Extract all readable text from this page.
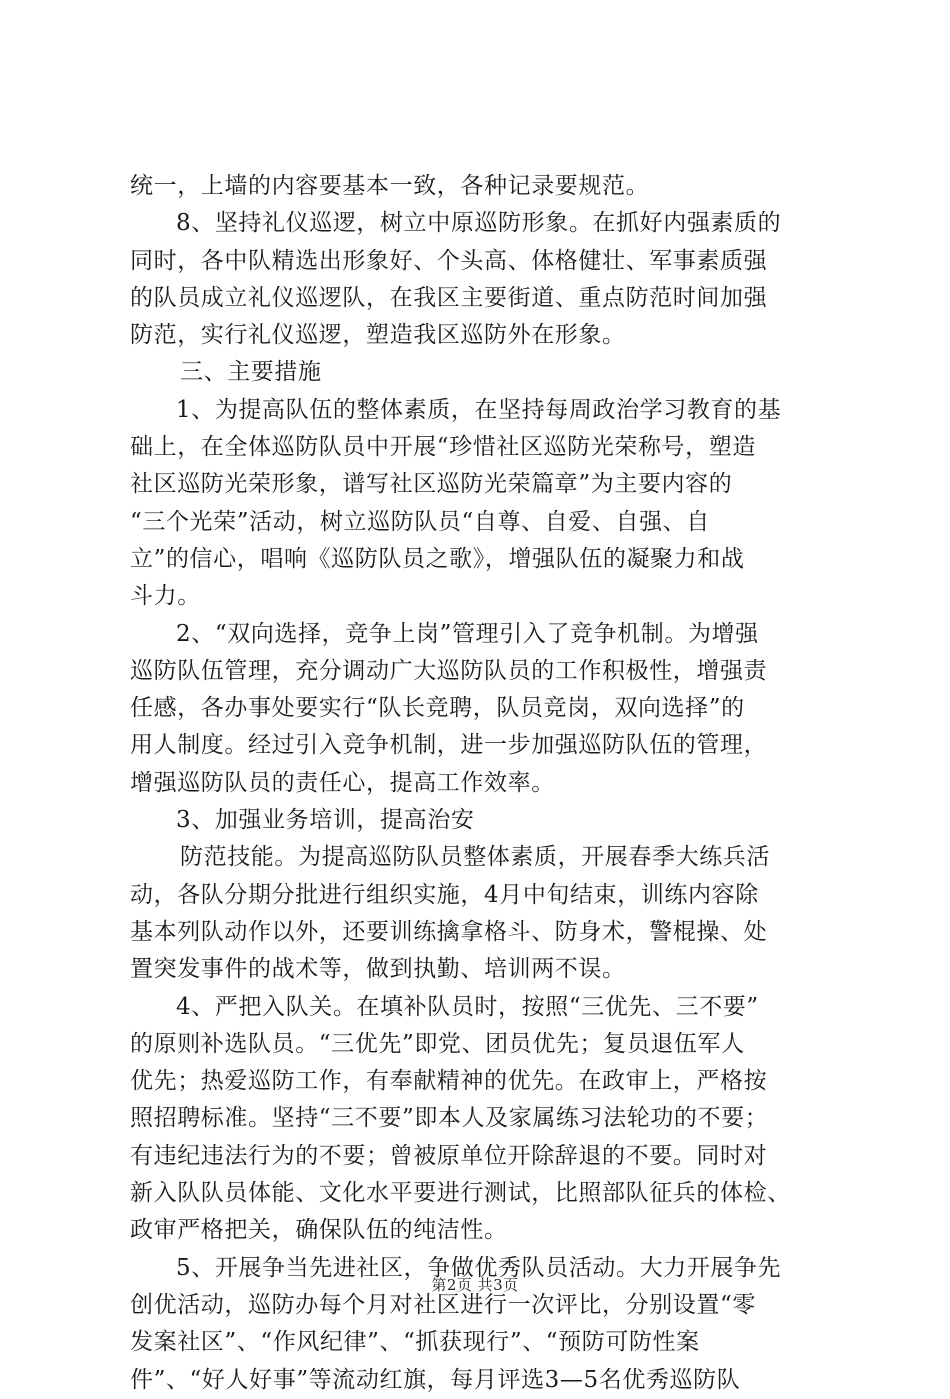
统一，上墙的内容要基本一致，各种记录要规范。
8、坚持礼仪巡逻，树立中原巡防形象。在抓好内强素质的
同时，各中队精选出形象好、个头高、体格健壮、军事素质强
的队员成立礼仪巡逻队，在我区主要街道、重点防范时间加强
防范，实行礼仪巡逻，塑造我区巡防外在形象。
三、主要措施
1、为提高队伍的整体素质，在坚持每周政治学习教育的基
础上，在全体巡防队员中开展“珍惜社区巡防光荣称号，塑造
社区巡防光荣形象，谱写社区巡防光荣篇章”为主要内容的
“三个光荣”活动，树立巡防队员“自尊、自爱、自强、自
立”的信心，唱响《巡防队员之歌》，增强队伍的凝聚力和战
斗力。
2、“双向选择，竞争上岗”管理引入了竞争机制。为增强
巡防队伍管理，充分调动广大巡防队员的工作积极性，增强责
任感，各办事处要实行“队长竞聘，队员竞岗，双向选择”的
用人制度。经过引入竞争机制，进一步加强巡防队伍的管理，
增强巡防队员的责任心，提高工作效率。
3、加强业务培训，提高治安
防范技能。为提高巡防队员整体素质，开展春季大练兵活
动，各队分期分批进行组织实施，4月中旬结束，训练内容除
基本列队动作以外，还要训练擒拿格斗、防身术，警棍操、处
置突发事件的战术等，做到执勤、培训两不误。
4、严把入队关。在填补队员时，按照“三优先、三不要”
的原则补选队员。“三优先”即党、团员优先；复员退伍军人
优先；热爱巡防工作，有奉献精神的优先。在政审上，严格按
照招聘标准。坚持“三不要”即本人及家属练习法轮功的不要；
有违纪违法行为的不要；曾被原单位开除辞退的不要。同时对
新入队队员体能、文化水平要进行测试，比照部队征兵的体检、
政审严格把关，确保队伍的纯洁性。
5、开展争当先进社区，争做优秀队员活动。大力开展争先
创优活动，巡防办每个月对社区进行一次评比，分别设置“零
发案社区”、“作风纪律”、“抓获现行”、“预防可防性案
件”、“好人好事”等流动红旗，每月评选3—5名优秀巡防队
第2页 共3页
